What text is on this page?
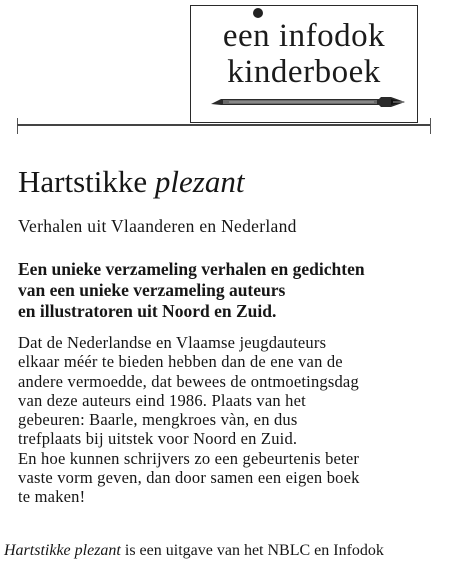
een infodok
kinderboek
Hartstikke plezant

Verhalen uit Vlaanderen en Nederland

Een unieke verzameling verhalen en gedichten
van een unieke verzameling auteurs
en illustratoren uit Noord en Zuid.

Dat de Nederlandse en Vlaamse jeugdauteurs
elkaar méér te bieden hebben dan de ene van de
andere vermoedde, dat bewees de ontmoetingsdag
van deze auteurs eind 1986. Plaats van het
gebeuren: Baarle, mengkroes vàn, en dus
trefplaats bij uitstek voor Noord en Zuid.
En hoe kunnen schrijvers zo een gebeurtenis beter
vaste vorm geven, dan door samen een eigen boek
te maken!

Hartstikke plezant is een uitgave van het NBLC en Infodok
